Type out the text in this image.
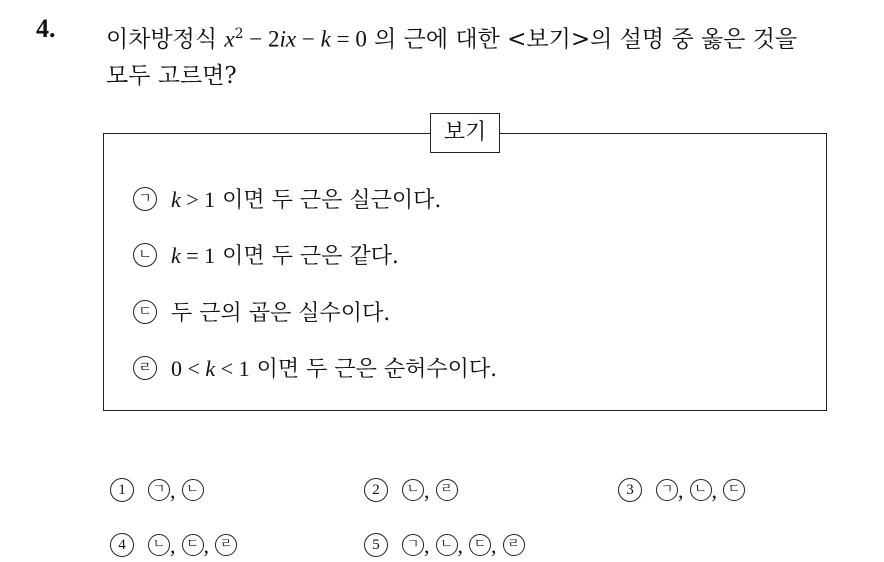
4. 이차방정식 $x^2 - 2ix - k = 0$ 의 근에 대한 <보기>의 설명 중 옳은 것을
모두 고르면?
보기
ㄱ k > 1 이면 두 근은 실근이다.
ㄴ k = 1 이면 두 근은 같다.
ㄷ 두 근의 곱은 실수이다.
ㄹ 0 < k < 1 이면 두 근은 순허수이다.
1 ㄱ , ㄴ	2 ㄴ , ㄹ	3 ㄱ , ㄴ , ㄷ
4 ㄴ , ㄷ , ㄹ	5 ㄱ , ㄴ , ㄷ , ㄹ
